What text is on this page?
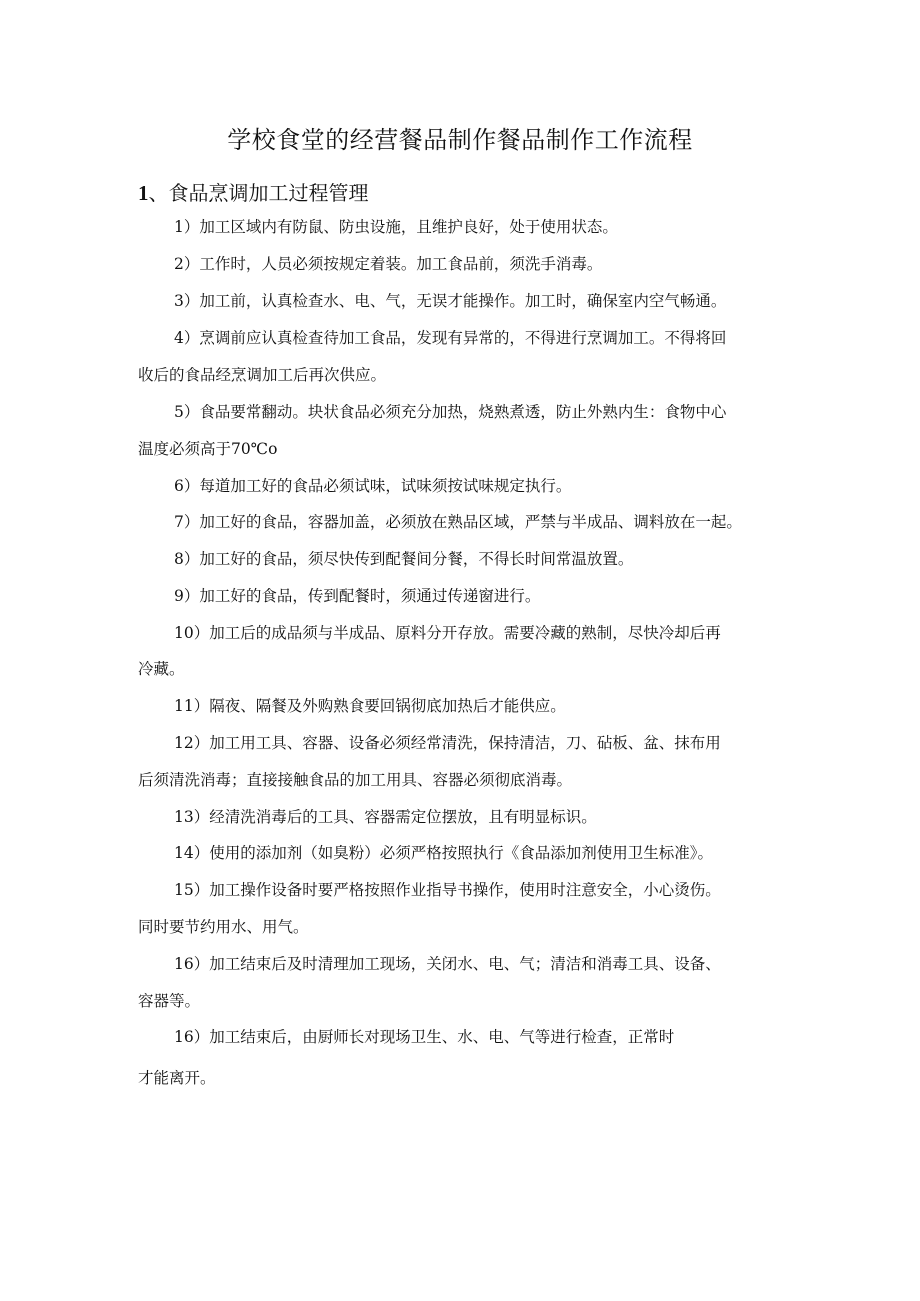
学校食堂的经营餐品制作餐品制作工作流程
1、食品烹调加工过程管理
1）加工区域内有防鼠、防虫设施，且维护良好，处于使用状态。
2）工作时，人员必须按规定着装。加工食品前，须洗手消毒。
3）加工前，认真检查水、电、气，无误才能操作。加工时，确保室内空气畅通。
4）烹调前应认真检查待加工食品，发现有异常的，不得进行烹调加工。不得将回
收后的食品经烹调加工后再次供应。
5）食品要常翻动。块状食品必须充分加热，烧熟煮透，防止外熟内生：食物中心
温度必须高于70℃o
6）每道加工好的食品必须试味，试味须按试味规定执行。
7）加工好的食品，容器加盖，必须放在熟品区域，严禁与半成品、调料放在一起。
8）加工好的食品，须尽快传到配餐间分餐，不得长时间常温放置。
9）加工好的食品，传到配餐时，须通过传递窗进行。
10）加工后的成品须与半成品、原料分开存放。需要冷藏的熟制，尽快冷却后再
冷藏。
11）隔夜、隔餐及外购熟食要回锅彻底加热后才能供应。
12）加工用工具、容器、设备必须经常清洗，保持清洁，刀、砧板、盆、抹布用
后须清洗消毒；直接接触食品的加工用具、容器必须彻底消毒。
13）经清洗消毒后的工具、容器需定位摆放，且有明显标识。
14）使用的添加剂（如臭粉）必须严格按照执行《食品添加剂使用卫生标准》。
15）加工操作设备时要严格按照作业指导书操作，使用时注意安全，小心烫伤。
同时要节约用水、用气。
16）加工结束后及时清理加工现场，关闭水、电、气；清洁和消毒工具、设备、
容器等。
16）加工结束后，由厨师长对现场卫生、水、电、气等进行检查，正常时
才能离开。
